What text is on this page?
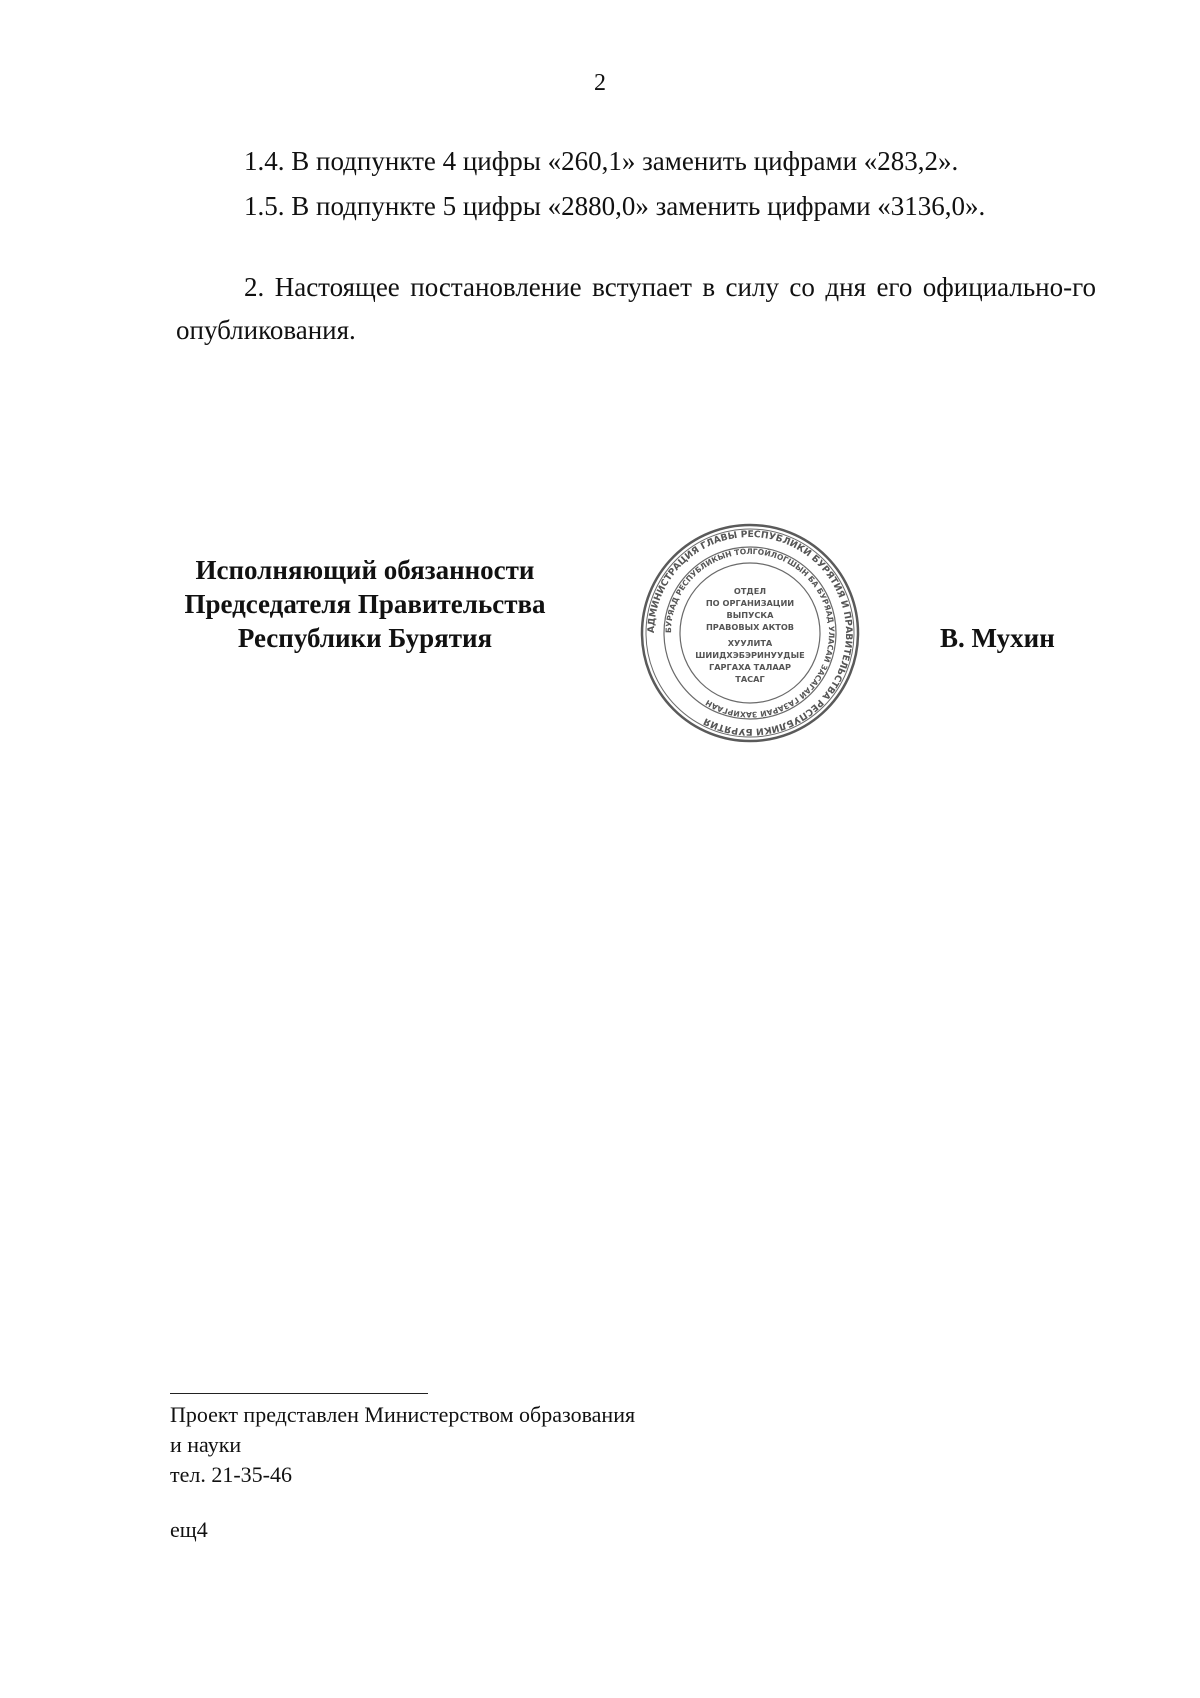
2
1.4. В подпункте 4 цифры «260,1» заменить цифрами «283,2».
1.5. В подпункте 5 цифры «2880,0» заменить цифрами «3136,0».
2. Настоящее постановление вступает в силу со дня его официально-го опубликования.
Исполняющий обязанности
Председателя Правительства
Республики Бурятия	АДМИНИСТРАЦИЯ ГЛАВЫ РЕСПУБЛИКИ БУРЯТИЯ И ПРАВИТЕЛЬСТВА РЕСПУБЛИКИ БУРЯТИЯ
БУРЯАД РЕСПУБЛИКЫН ТОЛГОЙЛОГШЫН БА БУРЯАД УЛАСАЙ ЗАСАГАЙ ГАЗАРАЙ ЗАХИРГААН
ОТДЕЛ
ПО ОРГАНИЗАЦИИ
ВЫПУСКА
ПРАВОВЫХ АКТОВ
ХУУЛИТА
ШИИДХЭБЭРИНУУДЫЕ
ГАРГАХА ТАЛААР
ТАСАГ
В. Мухин
Проект представлен Министерством образования
и науки
тел. 21-35-46
ещ4
